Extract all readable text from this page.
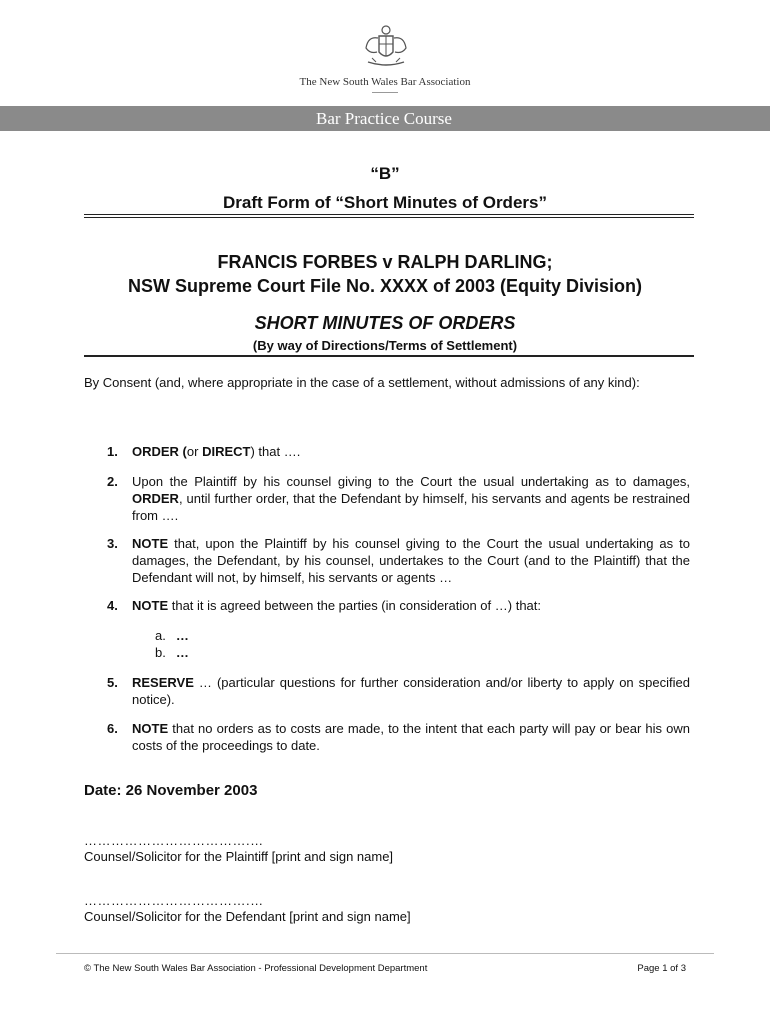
The New South Wales Bar Association
Bar Practice Course
“B”
Draft Form of “Short Minutes of Orders”
FRANCIS FORBES v RALPH DARLING;
NSW Supreme Court File No. XXXX of 2003 (Equity Division)
SHORT MINUTES OF ORDERS
(By way of Directions/Terms of Settlement)
By Consent (and, where appropriate in the case of a settlement, without admissions of any kind):
1. ORDER (or DIRECT) that ….
2. Upon the Plaintiff by his counsel giving to the Court the usual undertaking as to damages, ORDER, until further order, that the Defendant by himself, his servants and agents be restrained from ….
3. NOTE that, upon the Plaintiff by his counsel giving to the Court the usual undertaking as to damages, the Defendant, by his counsel, undertakes to the Court (and to the Plaintiff) that the Defendant will not, by himself, his servants or agents …
4. NOTE that it is agreed between the parties (in consideration of …) that:
a. …
b. …
5. RESERVE … (particular questions for further consideration and/or liberty to apply on specified notice).
6. NOTE that no orders as to costs are made, to the intent that each party will pay or bear his own costs of the proceedings to date.
Date: 26 November 2003
……………………………….…
Counsel/Solicitor for the Plaintiff [print and sign name]
……………………………….…
Counsel/Solicitor for the Defendant [print and sign name]
© The New South Wales Bar Association - Professional Development Department	Page 1 of 3
